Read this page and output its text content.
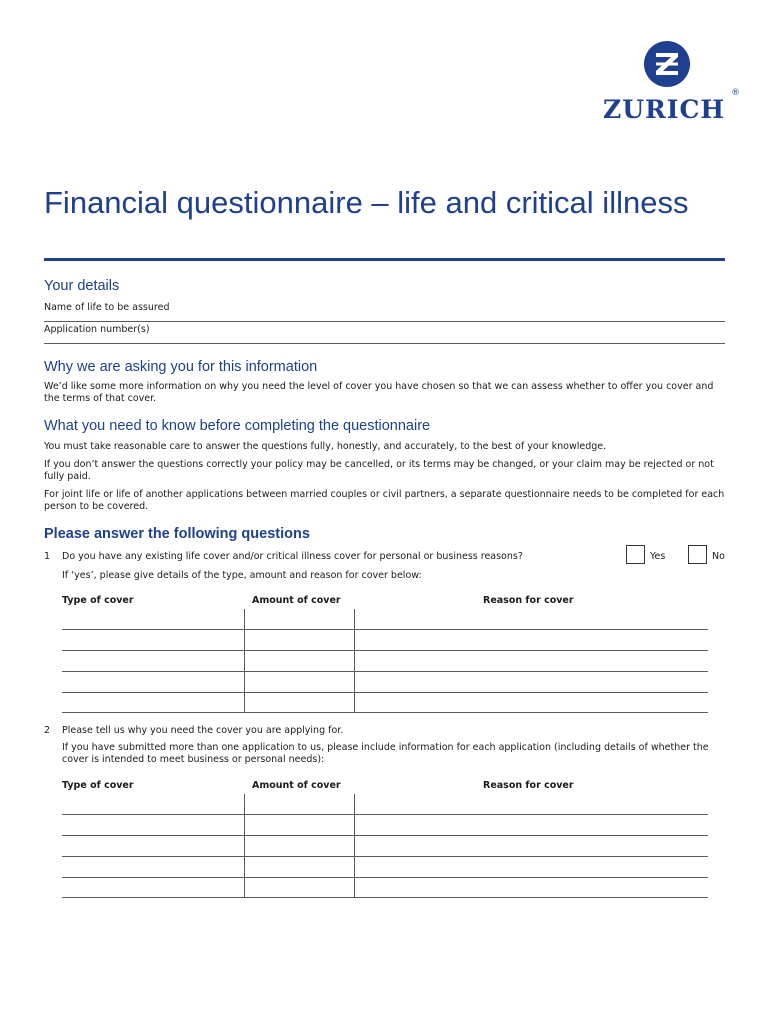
ZURICH
®
Financial questionnaire – life and critical illness
Your details
Name of life to be assured
Application number(s)
Why we are asking you for this information

We’d like some more information on why you need the level of cover you have chosen so that we can assess whether to offer you cover and the terms of that cover.

What you need to know before completing the questionnaire

You must take reasonable care to answer the questions fully, honestly, and accurately, to the best of your knowledge.

If you don’t answer the questions correctly your policy may be cancelled, or its terms may be changed, or your claim may be rejected or not fully paid.

For joint life or life of another applications between married couples or civil partners, a separate questionnaire needs to be completed for each person to be covered.

Please answer the following questions
1 Do you have any existing life cover and/or critical illness cover for personal or business reasons?	Yes	No
If ‘yes’, please give details of the type, amount and reason for cover below:
Type of cover	Amount of cover	Reason for cover
2 Please tell us why you need the cover you are applying for.
If you have submitted more than one application to us, please include information for each application (including details of whether the cover is intended to meet business or personal needs):
Type of cover	Amount of cover	Reason for cover
